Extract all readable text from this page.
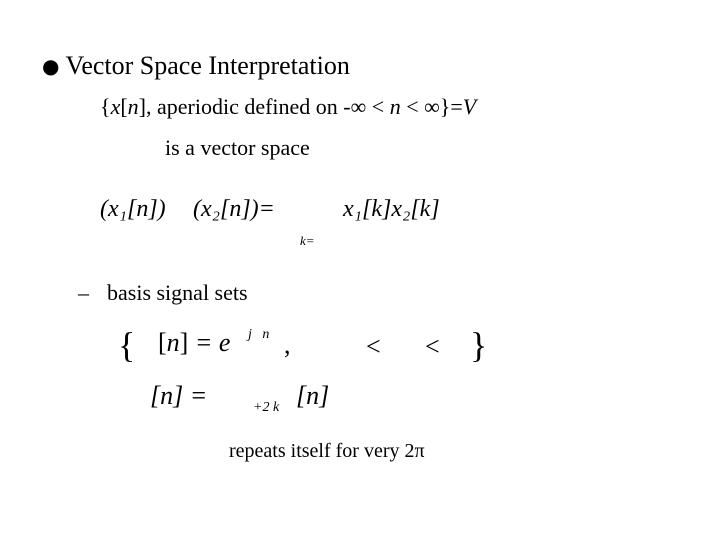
● Vector Space Interpretation
{x[n], aperiodic defined on -∞ < n < ∞}=V
is a vector space
(x₁[n]) (x₂[n])=	x₁[k]x₂[k]
k=
– basis signal sets
{ [n] = e j n ,	< < }
[n] =	+2 k [n]
repeats itself for very 2π
